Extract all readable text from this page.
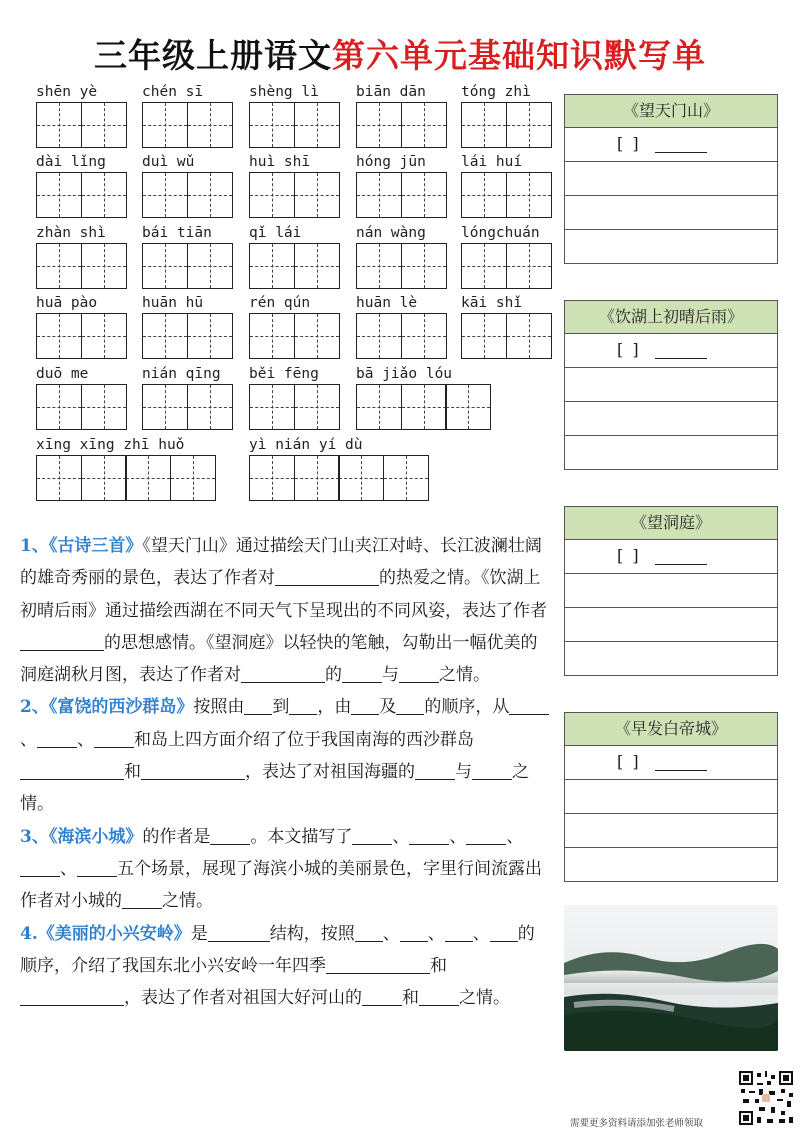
三年级上册语文第六单元基础知识默写单
shēn yè	chén sī	shèng lì	biān dān	tóng zhì
dài lǐng	duì wǔ	huì shī	hóng jūn	lái huí
zhàn shì	bái tiān	qǐ lái	nán wàng	lóngchuán
huā pào	huān hū	rén qún	huān lè	kāi shǐ
duō me	nián qīng	běi fēng	bā jiǎo lóu
xīng xīng zhī huǒ	yì nián yí dù
《望天门山》
[ ]
《饮湖上初晴后雨》
[ ]
《望洞庭》
[ ]
《早发白帝城》
[ ]

1、《古诗三首》《望天门山》通过描绘天门山夹江对峙、长江波澜壮阔的雄奇秀丽的景色，表达了作者对	的热爱之情。《饮湖上初晴后雨》通过描绘西湖在不同天气下呈现出的不同风姿，表达了作者的思想感情。《望洞庭》以轻快的笔触，勾勒出一幅优美的洞庭湖秋月图，表达了作者对	的 与 之情。

2、《富饶的西沙群岛》按照由 到 ，由 及 的顺序，从、 、 和岛上四方面介绍了位于我国南海的西沙群岛和	，表达了对祖国海疆的 与 之情。

3、《海滨小城》的作者是 。本文描写了 、 、 、、 五个场景，展现了海滨小城的美丽景色，字里行间流露出作者对小城的 之情。

4.《美丽的小兴安岭》是	结构，按照 、 、 、 的顺序，介绍了我国东北小兴安岭一年四季	和，表达了作者对祖国大好河山的 和 之情。

需要更多资料请添加张老师领取
